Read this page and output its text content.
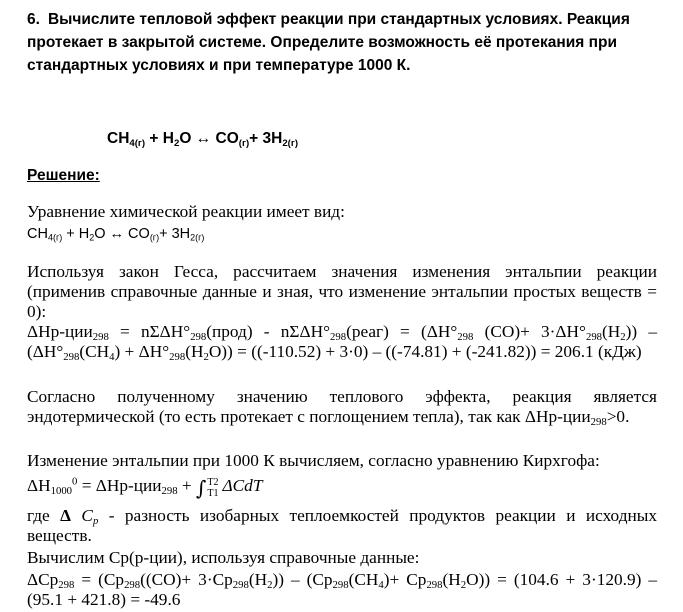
6. Вычислите тепловой эффект реакции при стандартных условиях. Реакция протекает в закрытой системе. Определите возможность её протекания при стандартных условиях и при температуре 1000 К.
$CH_{4(г)} + H_2O$ ↔ $CO_{(г)}+ 3H_{2(г)}$
Решение:
Уравнение химической реакции имеет вид:
$CH_{4(г)} + H_2O$ ↔ $CO_{(г)}+ 3H_{2(г)}$
Используя закон Гесса, рассчитаем значения изменения энтальпии реакции (применив справочные данные и зная, что изменение энтальпии простых веществ = 0):
$\Delta Hр-ции_{298} = n\Sigma\Delta H^\circ_{298}(прод)$ - $n\Sigma\Delta H^\circ_{298}(реаг) = (\Delta H^\circ_{298}$ $(CO)+ 3\cdot\Delta H^\circ_{298}(H_2)) - (\Delta H^\circ_{298}(CH_4) + \Delta H^\circ_{298}(H_2O)) = ((-110.52) + 3\cdot 0) - ((-74.81) + (-241.82)) = 206.1$ (кДж)
Согласно полученному значению теплового эффекта, реакция является эндотермической (то есть протекает с поглощением тепла), так как ΔHр-ции$_{298}$>0.
Изменение энтальпии при 1000 К вычисляем, согласно уравнению Кирхгофа:
$\Delta H_{1000}^0 = \Delta Hр-ции_{298}$ + ∫ T2
T1 ΔCdT
где Δ $C_p$ - разность изобарных теплоемкостей продуктов реакции и исходных веществ.
Вычислим Ср(р-ции), используя справочные данные:
$\Delta Cp_{298} = (Cp_{298}((CO)+ 3\cdot Cp_{298}(H_2)) - (Cp_{298}(CH_4)+ Cp_{298}(H_2O)) = (104.6 + 3\cdot 120.9) - (95.1 + 421.8) = -49.6$
